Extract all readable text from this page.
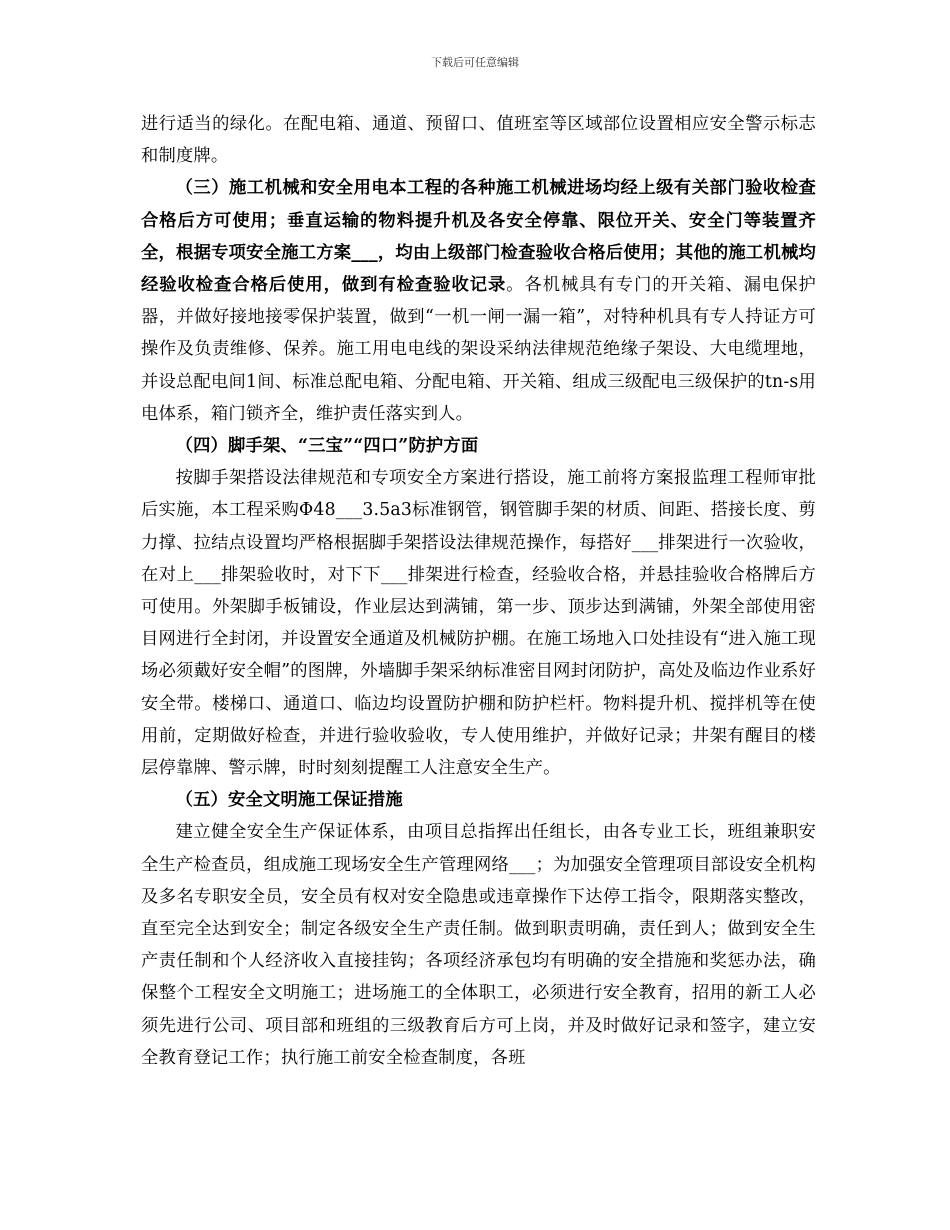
下载后可任意编辑

进行适当的绿化。在配电箱、通道、预留口、值班室等区域部位设置相应安全警示标志和制度牌。

（三）施工机械和安全用电本工程的各种施工机械进场均经上级有关部门验收检查合格后方可使用；垂直运输的物料提升机及各安全停靠、限位开关、安全门等装置齐全，根据专项安全施工方案___，均由上级部门检查验收合格后使用；其他的施工机械均经验收检查合格后使用，做到有检查验收记录。各机械具有专门的开关箱、漏电保护器，并做好接地接零保护装置，做到“一机一闸一漏一箱”，对特种机具有专人持证方可操作及负责维修、保养。施工用电电线的架设采纳法律规范绝缘子架设、大电缆埋地，并设总配电间1间、标准总配电箱、分配电箱、开关箱、组成三级配电三级保护的tn-s用电体系，箱门锁齐全，维护责任落实到人。

（四）脚手架、“三宝”“四口”防护方面

按脚手架搭设法律规范和专项安全方案进行搭设，施工前将方案报监理工程师审批后实施，本工程采购Φ48___3.5a3标准钢管，钢管脚手架的材质、间距、搭接长度、剪力撑、拉结点设置均严格根据脚手架搭设法律规范操作，每搭好___排架进行一次验收，在对上___排架验收时，对下下___排架进行检查，经验收合格，并悬挂验收合格牌后方可使用。外架脚手板铺设，作业层达到满铺，第一步、顶步达到满铺，外架全部使用密目网进行全封闭，并设置安全通道及机械防护棚。在施工场地入口处挂设有“进入施工现场必须戴好安全帽”的图牌，外墙脚手架采纳标准密目网封闭防护，高处及临边作业系好安全带。楼梯口、通道口、临边均设置防护棚和防护栏杆。物料提升机、搅拌机等在使用前，定期做好检查，并进行验收验收，专人使用维护，并做好记录；井架有醒目的楼层停靠牌、警示牌，时时刻刻提醒工人注意安全生产。

（五）安全文明施工保证措施

建立健全安全生产保证体系，由项目总指挥出任组长，由各专业工长，班组兼职安全生产检查员，组成施工现场安全生产管理网络___；为加强安全管理项目部设安全机构及多名专职安全员，安全员有权对安全隐患或违章操作下达停工指令，限期落实整改，直至完全达到安全；制定各级安全生产责任制。做到职责明确，责任到人；做到安全生产责任制和个人经济收入直接挂钩；各项经济承包均有明确的安全措施和奖惩办法，确保整个工程安全文明施工；进场施工的全体职工，必须进行安全教育，招用的新工人必须先进行公司、项目部和班组的三级教育后方可上岗，并及时做好记录和签字，建立安全教育登记工作；执行施工前安全检查制度，各班
